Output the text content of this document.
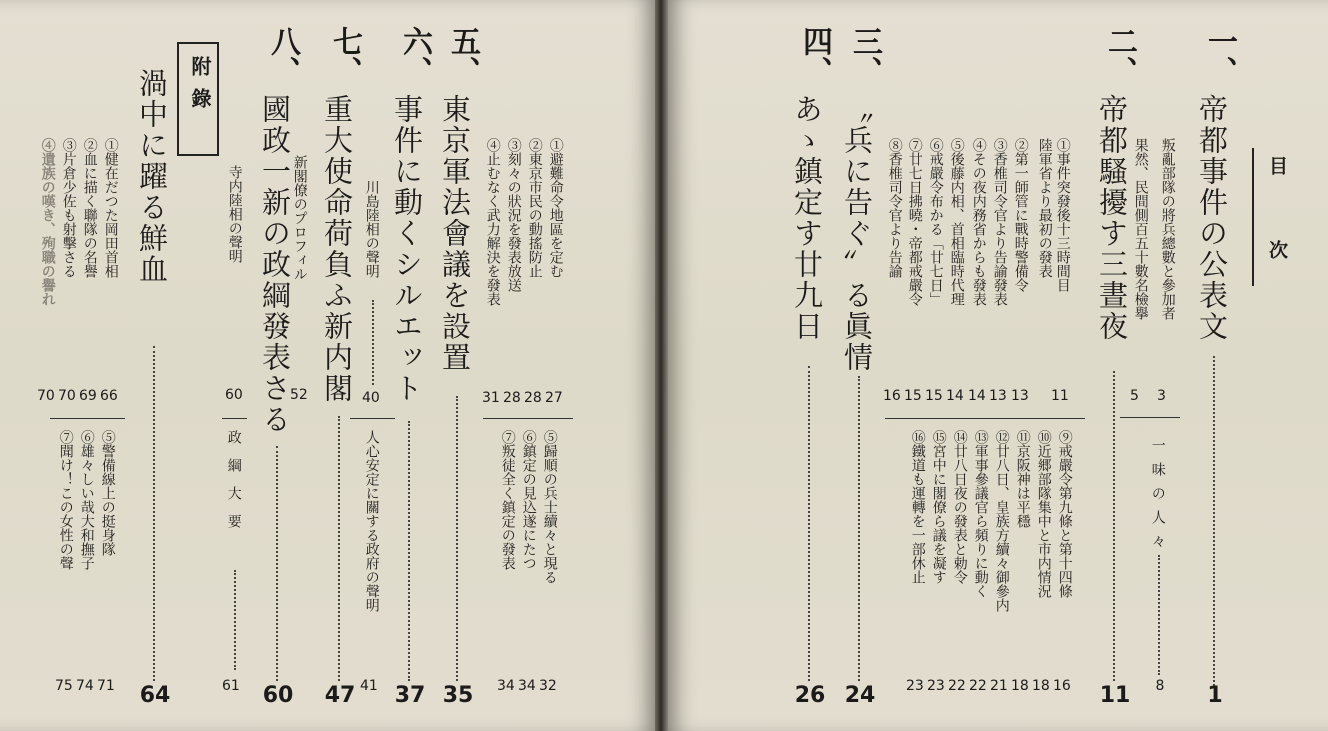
目
次
一、
帝都事件の公表文
1
叛亂部隊の將兵總數と參加者
果然、民間側百五十數名檢擧
3
5
一味の人々
8
二、
帝都騷擾す三晝夜
11
①事件突發後十三時間目
陸軍省より最初の發表
②第一師管に戰時警備令
③香椎司令官より告諭發表
④その夜内務省からも發表
⑤後藤内相、首相臨時代理
⑥戒嚴令布かる「廿七日」
⑦廿七日拂曉・帝都戒嚴令
⑧香椎司令官より告諭
11
13
13
14
14
15
15
16
⑨戒嚴令第九條と第十四條
⑩近郷部隊集中と市内情況
⑪京阪神は平穩
⑫廿八日、皇族方續々御參内
⑬軍事參議官ら頻りに動く
⑭廿八日夜の發表と勅令
⑮宮中に閣僚ら議を凝す
⑯鐵道も運轉を一部休止
16
18
18
21
22
22
23
23
三、
〝兵に告ぐ〟る眞情
24
四、
あゝ鎮定す廿九日
26
五、
東京軍法會議を設置
35
①避難命令地區を定む
②東京市民の動搖防止
③刻々の狀況を發表放送
④止むなく武力解決を發表
27
28
28
31
⑤歸順の兵士續々と現る
⑥鎮定の見込遂にたつ
⑦叛徒全く鎮定の發表
32
34
34
六、
事件に動くシルエット
37
川島陸相の聲明
40
人心安定に關する政府の聲明
41
七、
重大使命荷負ふ新内閣
47
新閣僚のプロフィル
52
八、
國政一新の政綱發表さる
60
寺内陸相の聲明
60
政綱大要
61
附錄
渦中に躍る鮮血
64
①健在だつた岡田首相
②血に描く聯隊の名譽
③片倉少佐も射擊さる
④遺族の嘆き、殉職の譽れ
66
69
70
70
⑤警備線上の挺身隊
⑥雄々しい哉大和撫子
⑦聞け！この女性の聲
71
74
75
